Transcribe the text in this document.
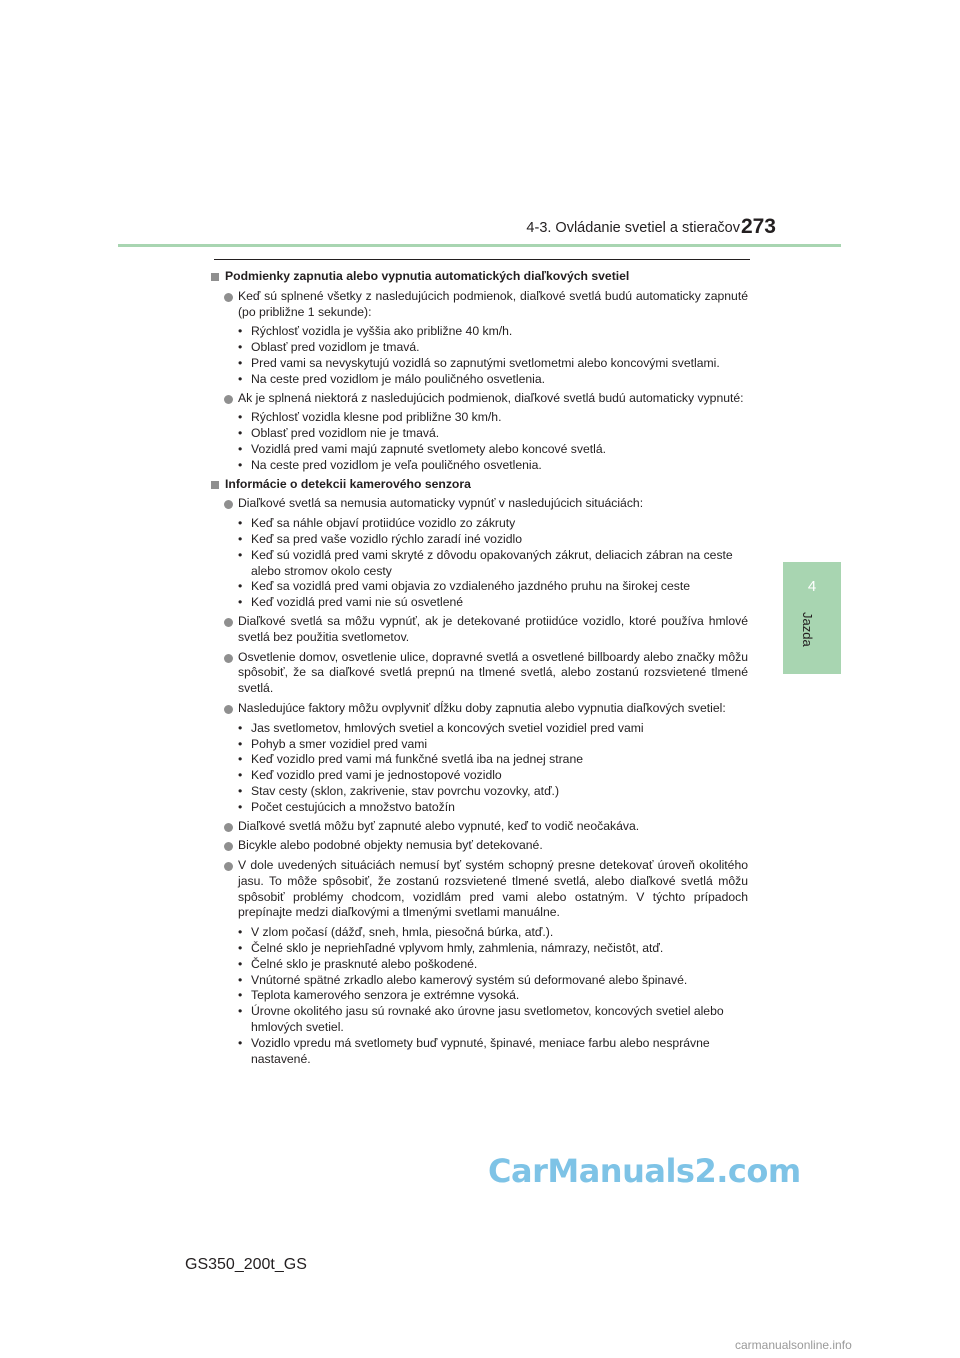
4-3. Ovládanie svetiel a stieračov 273
4
Jazda
Podmienky zapnutia alebo vypnutia automatických diaľkových svetiel
Keď sú splnené všetky z nasledujúcich podmienok, diaľkové svetlá budú automaticky zapnuté (po približne 1 sekunde):
• Rýchlosť vozidla je vyššia ako približne 40 km/h.
• Oblasť pred vozidlom je tmavá.
• Pred vami sa nevyskytujú vozidlá so zapnutými svetlometmi alebo koncovými svetlami.
• Na ceste pred vozidlom je málo pouličného osvetlenia.
Ak je splnená niektorá z nasledujúcich podmienok, diaľkové svetlá budú automaticky vypnuté:
• Rýchlosť vozidla klesne pod približne 30 km/h.
• Oblasť pred vozidlom nie je tmavá.
• Vozidlá pred vami majú zapnuté svetlomety alebo koncové svetlá.
• Na ceste pred vozidlom je veľa pouličného osvetlenia.
Informácie o detekcii kamerového senzora
Diaľkové svetlá sa nemusia automaticky vypnúť v nasledujúcich situáciách:
• Keď sa náhle objaví protiidúce vozidlo zo zákruty
• Keď sa pred vaše vozidlo rýchlo zaradí iné vozidlo
• Keď sú vozidlá pred vami skryté z dôvodu opakovaných zákrut, deliacich zábran na ceste alebo stromov okolo cesty
• Keď sa vozidlá pred vami objavia zo vzdialeného jazdného pruhu na širokej ceste
• Keď vozidlá pred vami nie sú osvetlené
Diaľkové svetlá sa môžu vypnúť, ak je detekované protiidúce vozidlo, ktoré používa hmlové svetlá bez použitia svetlometov.
Osvetlenie domov, osvetlenie ulice, dopravné svetlá a osvetlené billboardy alebo značky môžu spôsobiť, že sa diaľkové svetlá prepnú na tlmené svetlá, alebo zostanú rozsvietené tlmené svetlá.
Nasledujúce faktory môžu ovplyvniť dĺžku doby zapnutia alebo vypnutia diaľkových svetiel:
• Jas svetlometov, hmlových svetiel a koncových svetiel vozidiel pred vami
• Pohyb a smer vozidiel pred vami
• Keď vozidlo pred vami má funkčné svetlá iba na jednej strane
• Keď vozidlo pred vami je jednostopové vozidlo
• Stav cesty (sklon, zakrivenie, stav povrchu vozovky, atď.)
• Počet cestujúcich a množstvo batožín
Diaľkové svetlá môžu byť zapnuté alebo vypnuté, keď to vodič neočakáva.
Bicykle alebo podobné objekty nemusia byť detekované.
V dole uvedených situáciách nemusí byť systém schopný presne detekovať úroveň okolitého jasu. To môže spôsobiť, že zostanú rozsvietené tlmené svetlá, alebo diaľkové svetlá môžu spôsobiť problémy chodcom, vozidlám pred vami alebo ostatným. V týchto prípadoch prepínajte medzi diaľkovými a tlmenými svetlami manuálne.
• V zlom počasí (dážď, sneh, hmla, piesočná búrka, atď.).
• Čelné sklo je nepriehľadné vplyvom hmly, zahmlenia, námrazy, nečistôt, atď.
• Čelné sklo je prasknuté alebo poškodené.
• Vnútorné spätné zrkadlo alebo kamerový systém sú deformované alebo špinavé.
• Teplota kamerového senzora je extrémne vysoká.
• Úrovne okolitého jasu sú rovnaké ako úrovne jasu svetlometov, koncových svetiel alebo hmlových svetiel.
• Vozidlo vpredu má svetlomety buď vypnuté, špinavé, meniace farbu alebo nesprávne nastavené.
CarManuals2.com
GS350_200t_GS
carmanualsonline.info
